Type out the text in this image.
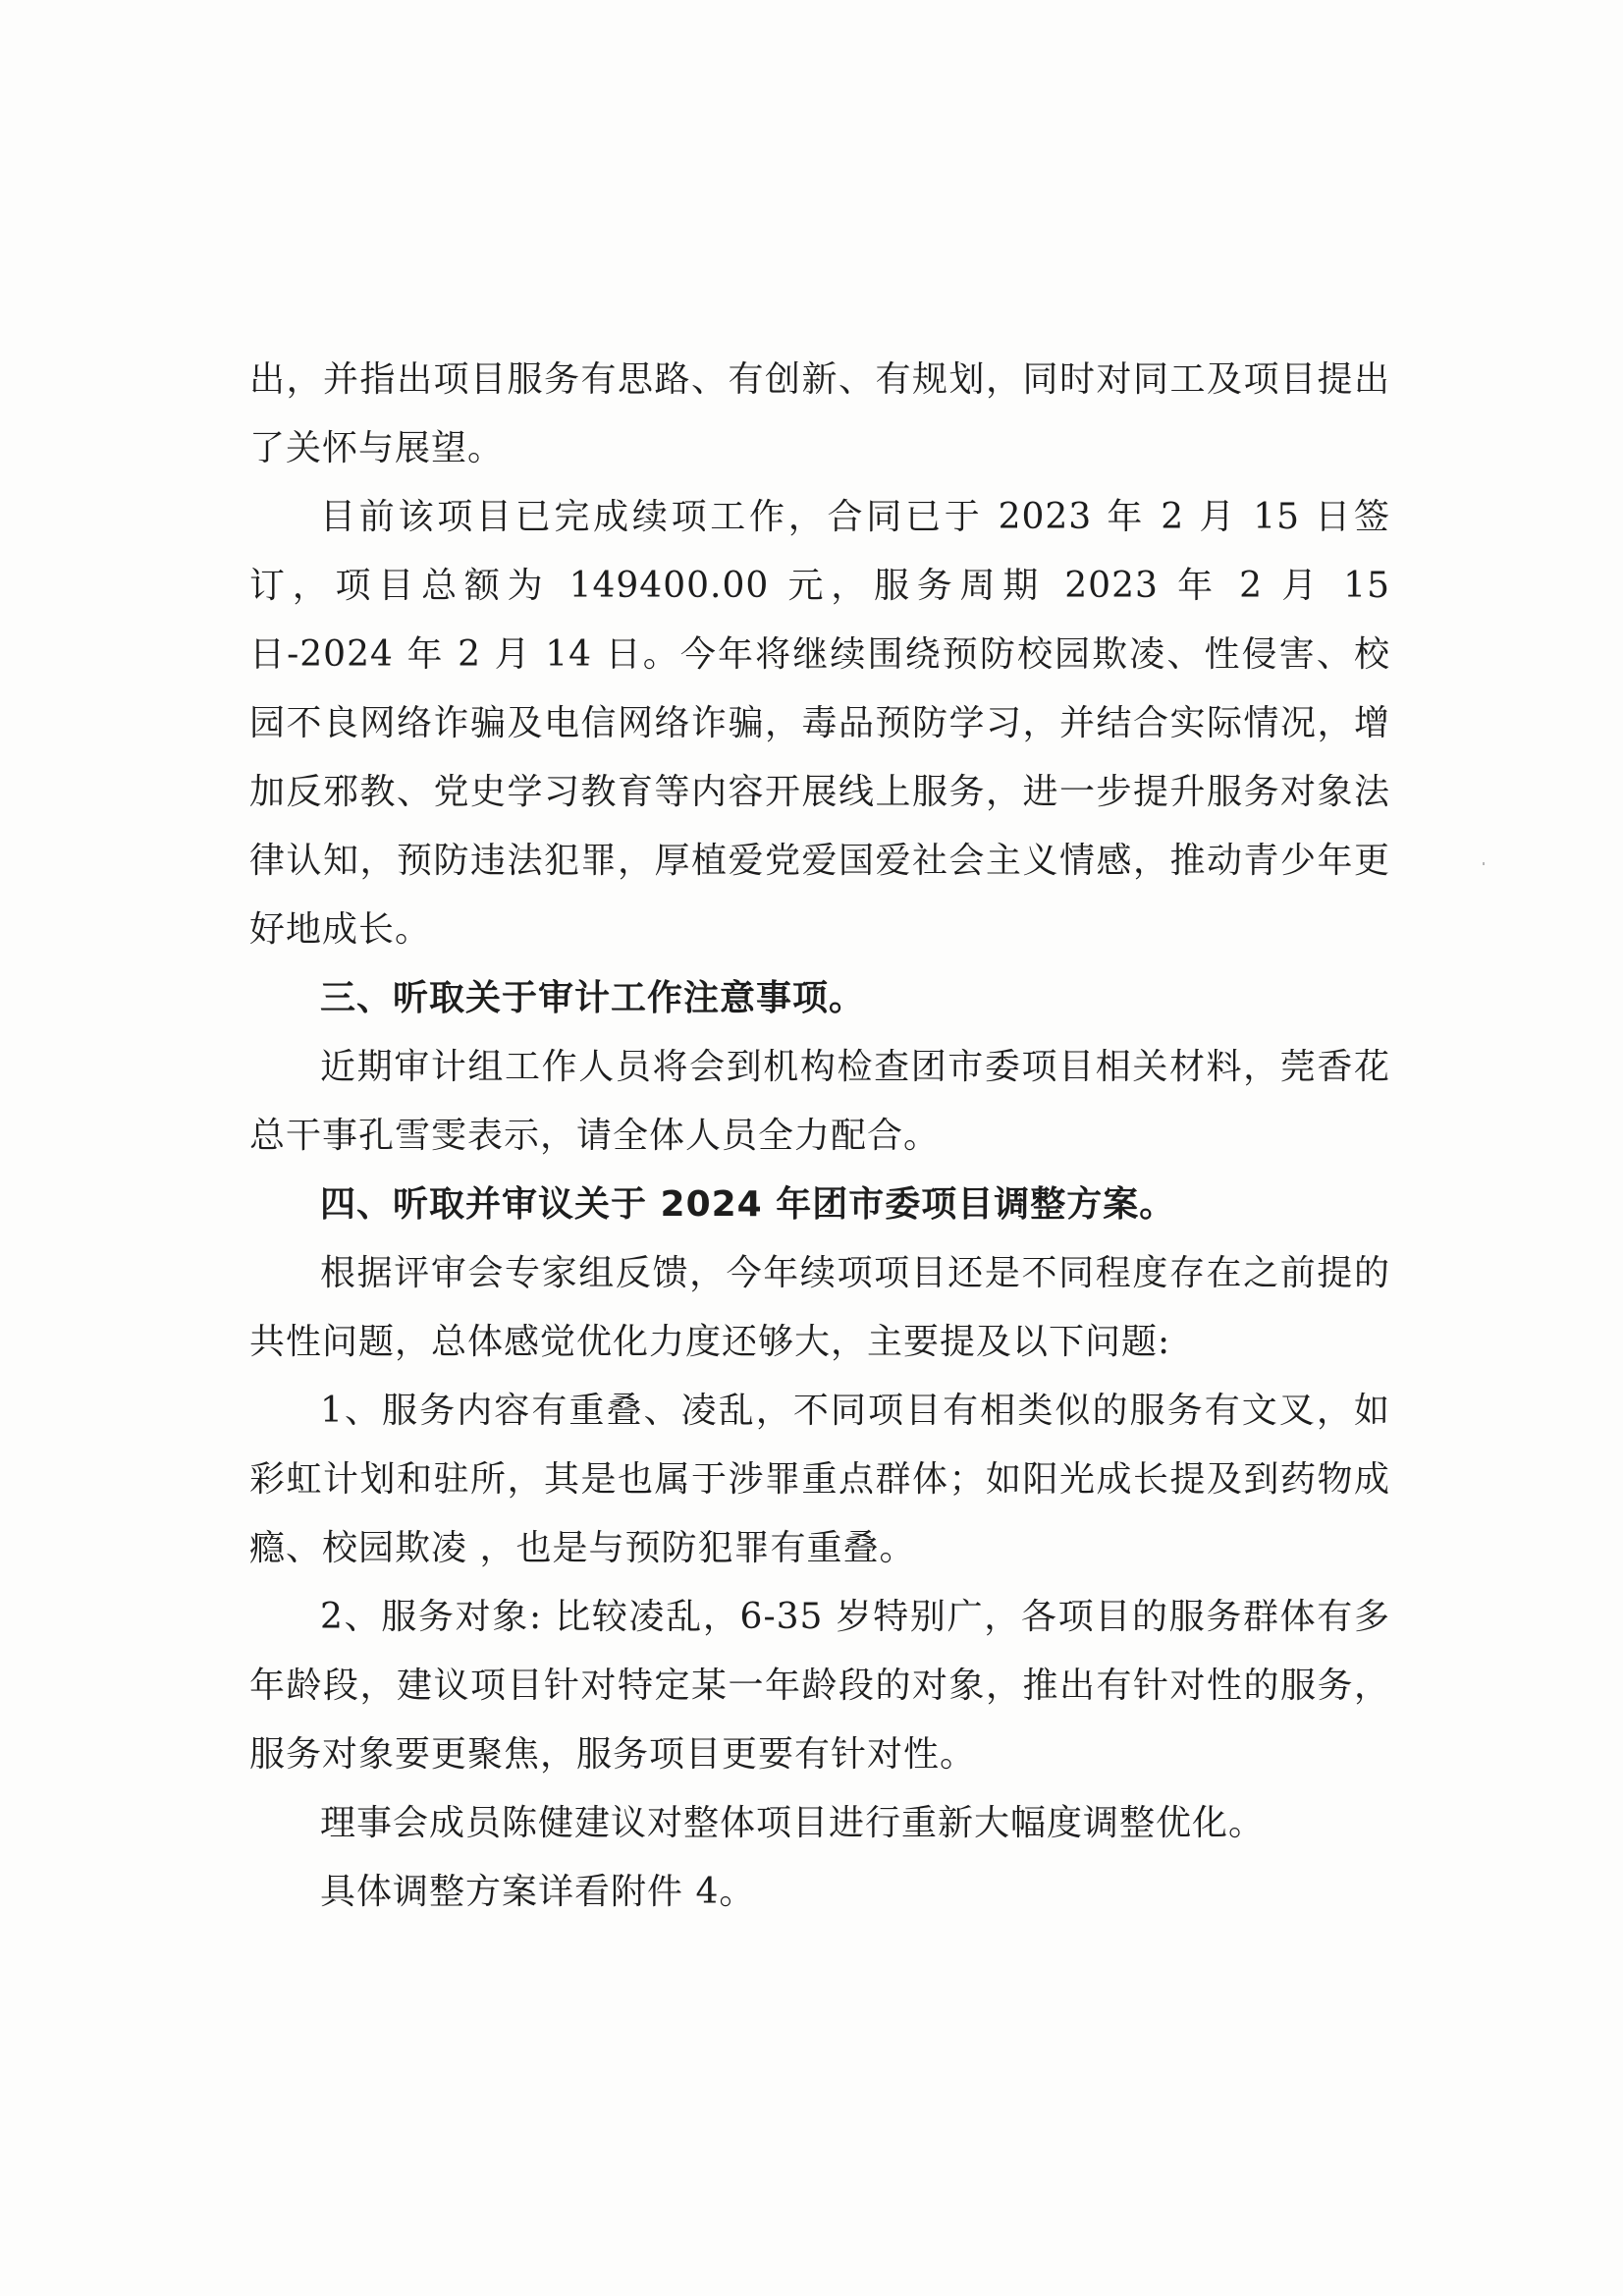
出，并指出项目服务有思路、有创新、有规划，同时对同工及项目提出了关怀与展望。

目前该项目已完成续项工作，合同已于 2023 年 2 月 15 日签订，项目总额为 149400.00 元，服务周期 2023 年 2 月 15 日-2024 年 2 月 14 日。今年将继续围绕预防校园欺凌、性侵害、校园不良网络诈骗及电信网络诈骗，毒品预防学习，并结合实际情况，增加反邪教、党史学习教育等内容开展线上服务，进一步提升服务对象法律认知，预防违法犯罪，厚植爱党爱国爱社会主义情感，推动青少年更好地成长。

三、听取关于审计工作注意事项。

近期审计组工作人员将会到机构检查团市委项目相关材料，莞香花总干事孔雪雯表示，请全体人员全力配合。

四、听取并审议关于 2024 年团市委项目调整方案。

根据评审会专家组反馈，今年续项项目还是不同程度存在之前提的共性问题，总体感觉优化力度还够大，主要提及以下问题:

1、服务内容有重叠、凌乱，不同项目有相类似的服务有文叉，如彩虹计划和驻所，其是也属于涉罪重点群体；如阳光成长提及到药物成瘾、校园欺凌 ，也是与预防犯罪有重叠。

2、服务对象: 比较凌乱，6-35 岁特别广，各项目的服务群体有多年龄段，建议项目针对特定某一年龄段的对象，推出有针对性的服务，服务对象要更聚焦，服务项目更要有针对性。

理事会成员陈健建议对整体项目进行重新大幅度调整优化。

具体调整方案详看附件 4。
